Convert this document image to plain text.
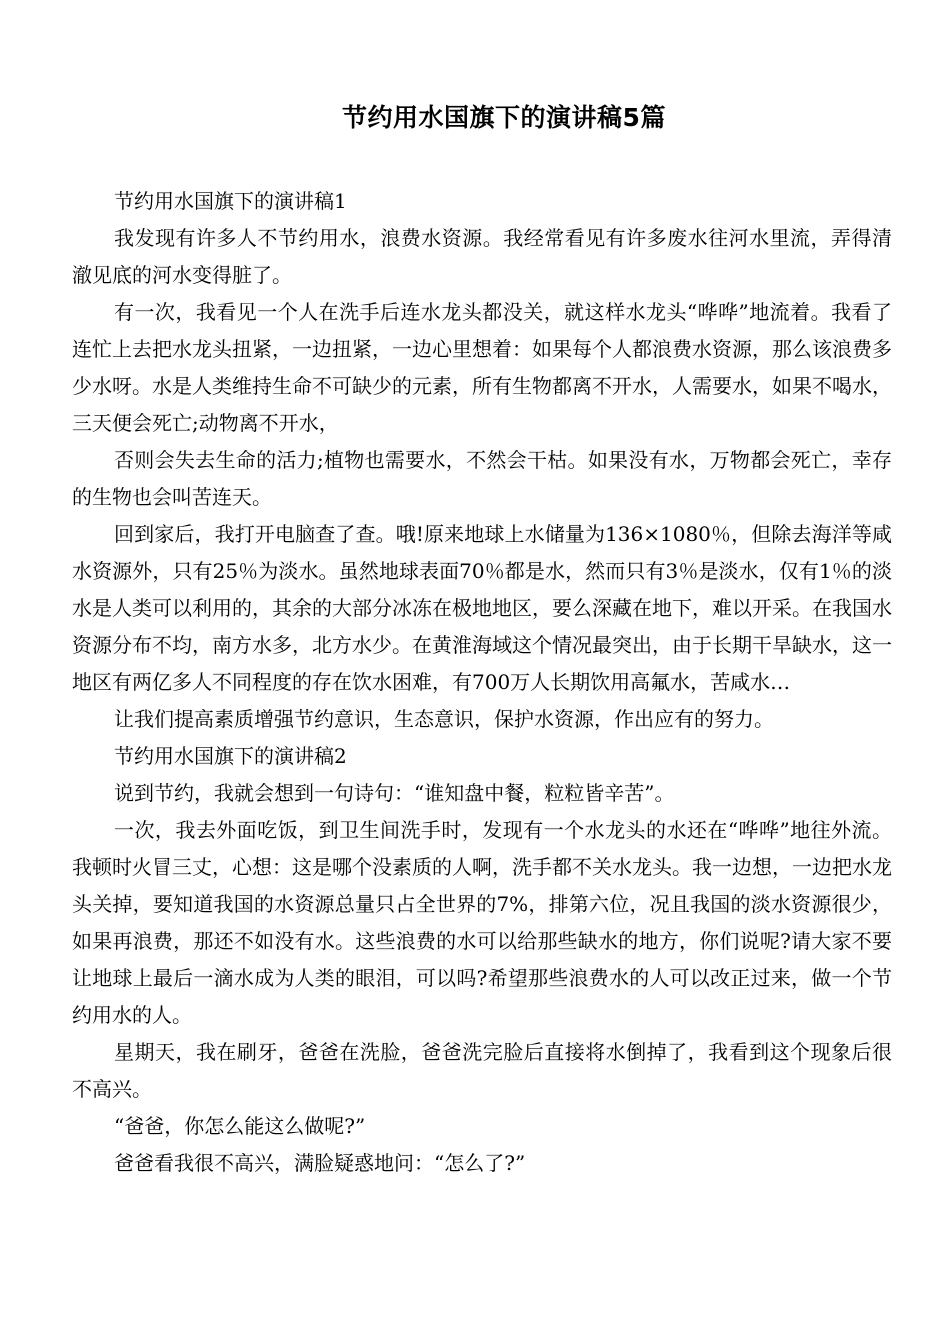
节约用水国旗下的演讲稿5篇

节约用水国旗下的演讲稿1

我发现有许多人不节约用水，浪费水资源。我经常看见有许多废水往河水里流，弄得清澈见底的河水变得脏了。

有一次，我看见一个人在洗手后连水龙头都没关，就这样水龙头“哗哗”地流着。我看了连忙上去把水龙头扭紧，一边扭紧，一边心里想着：如果每个人都浪费水资源，那么该浪费多少水呀。水是人类维持生命不可缺少的元素，所有生物都离不开水，人需要水，如果不喝水，三天便会死亡;动物离不开水，

否则会失去生命的活力;植物也需要水，不然会干枯。如果没有水，万物都会死亡，幸存的生物也会叫苦连天。

回到家后，我打开电脑查了查。哦!原来地球上水储量为136×1080％，但除去海洋等咸水资源外，只有25％为淡水。虽然地球表面70％都是水，然而只有3％是淡水，仅有1％的淡水是人类可以利用的，其余的大部分冰冻在极地地区，要么深藏在地下，难以开采。在我国水资源分布不均，南方水多，北方水少。在黄淮海域这个情况最突出，由于长期干旱缺水，这一地区有两亿多人不同程度的存在饮水困难，有700万人长期饮用高氟水，苦咸水…

让我们提高素质增强节约意识，生态意识，保护水资源，作出应有的努力。

节约用水国旗下的演讲稿2

说到节约，我就会想到一句诗句：“谁知盘中餐，粒粒皆辛苦”。

一次，我去外面吃饭，到卫生间洗手时，发现有一个水龙头的水还在“哗哗”地往外流。我顿时火冒三丈，心想：这是哪个没素质的人啊，洗手都不关水龙头。我一边想，一边把水龙头关掉，要知道我国的水资源总量只占全世界的7%，排第六位，况且我国的淡水资源很少，如果再浪费，那还不如没有水。这些浪费的水可以给那些缺水的地方，你们说呢?请大家不要让地球上最后一滴水成为人类的眼泪，可以吗?希望那些浪费水的人可以改正过来，做一个节约用水的人。

星期天，我在刷牙，爸爸在洗脸，爸爸洗完脸后直接将水倒掉了，我看到这个现象后很不高兴。

“爸爸，你怎么能这么做呢?”

爸爸看我很不高兴，满脸疑惑地问：“怎么了?”
